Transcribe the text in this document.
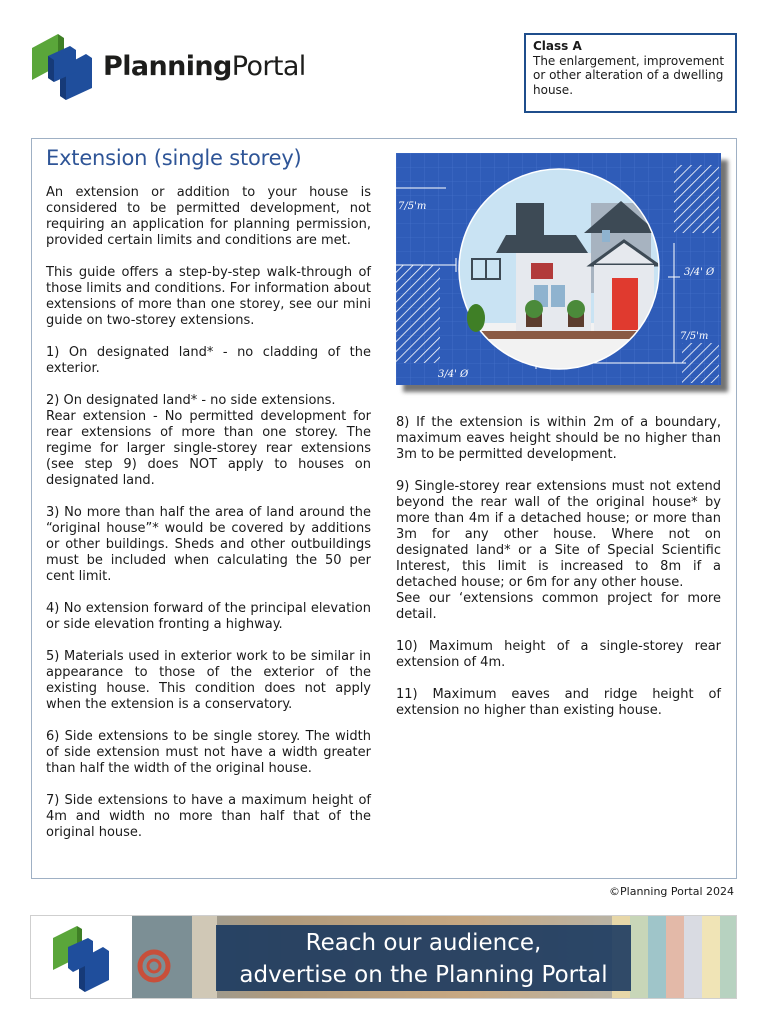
PlanningPortal
Class A
The enlargement, improvement or other alteration of a dwelling house.
Extension (single storey)

An extension or addition to your house is considered to be permitted development, not requiring an application for planning permission, provided certain limits and conditions are met.

This guide offers a step-by-step walk-through of those limits and conditions. For information about extensions of more than one storey, see our mini guide on two-storey extensions.

1) On designated land* - no cladding of the exterior.

2) On designated land* - no side extensions.

Rear extension - No permitted development for rear extensions of more than one storey. The regime for larger single-storey rear extensions (see step 9) does NOT apply to houses on designated land.

3) No more than half the area of land around the “original house”* would be covered by additions or other buildings. Sheds and other outbuildings must be included when calculating the 50 per cent limit.

4) No extension forward of the principal elevation or side elevation fronting a highway.

5) Materials used in exterior work to be similar in appearance to those of the exterior of the existing house. This condition does not apply when the extension is a conservatory.

6) Side extensions to be single storey. The width of side extension must not have a width greater than half the width of the original house.

7) Side extensions to have a maximum height of 4m and width no more than half that of the original house.

7/5'm
3/4' Ø
7/5'm
3/4' Ø

8) If the extension is within 2m of a boundary, maximum eaves height should be no higher than 3m to be permitted development.

9) Single-storey rear extensions must not extend beyond the rear wall of the original house* by more than 4m if a detached house; or more than 3m for any other house. Where not on designated land* or a Site of Special Scientific Interest, this limit is increased to 8m if a detached house; or 6m for any other house.

See our ‘extensions common project for more detail.

10) Maximum height of a single-storey rear extension of 4m.

11) Maximum eaves and ridge height of extension no higher than existing house.

©Planning Portal 2024
Reach our audience,
advertise on the Planning Portal
